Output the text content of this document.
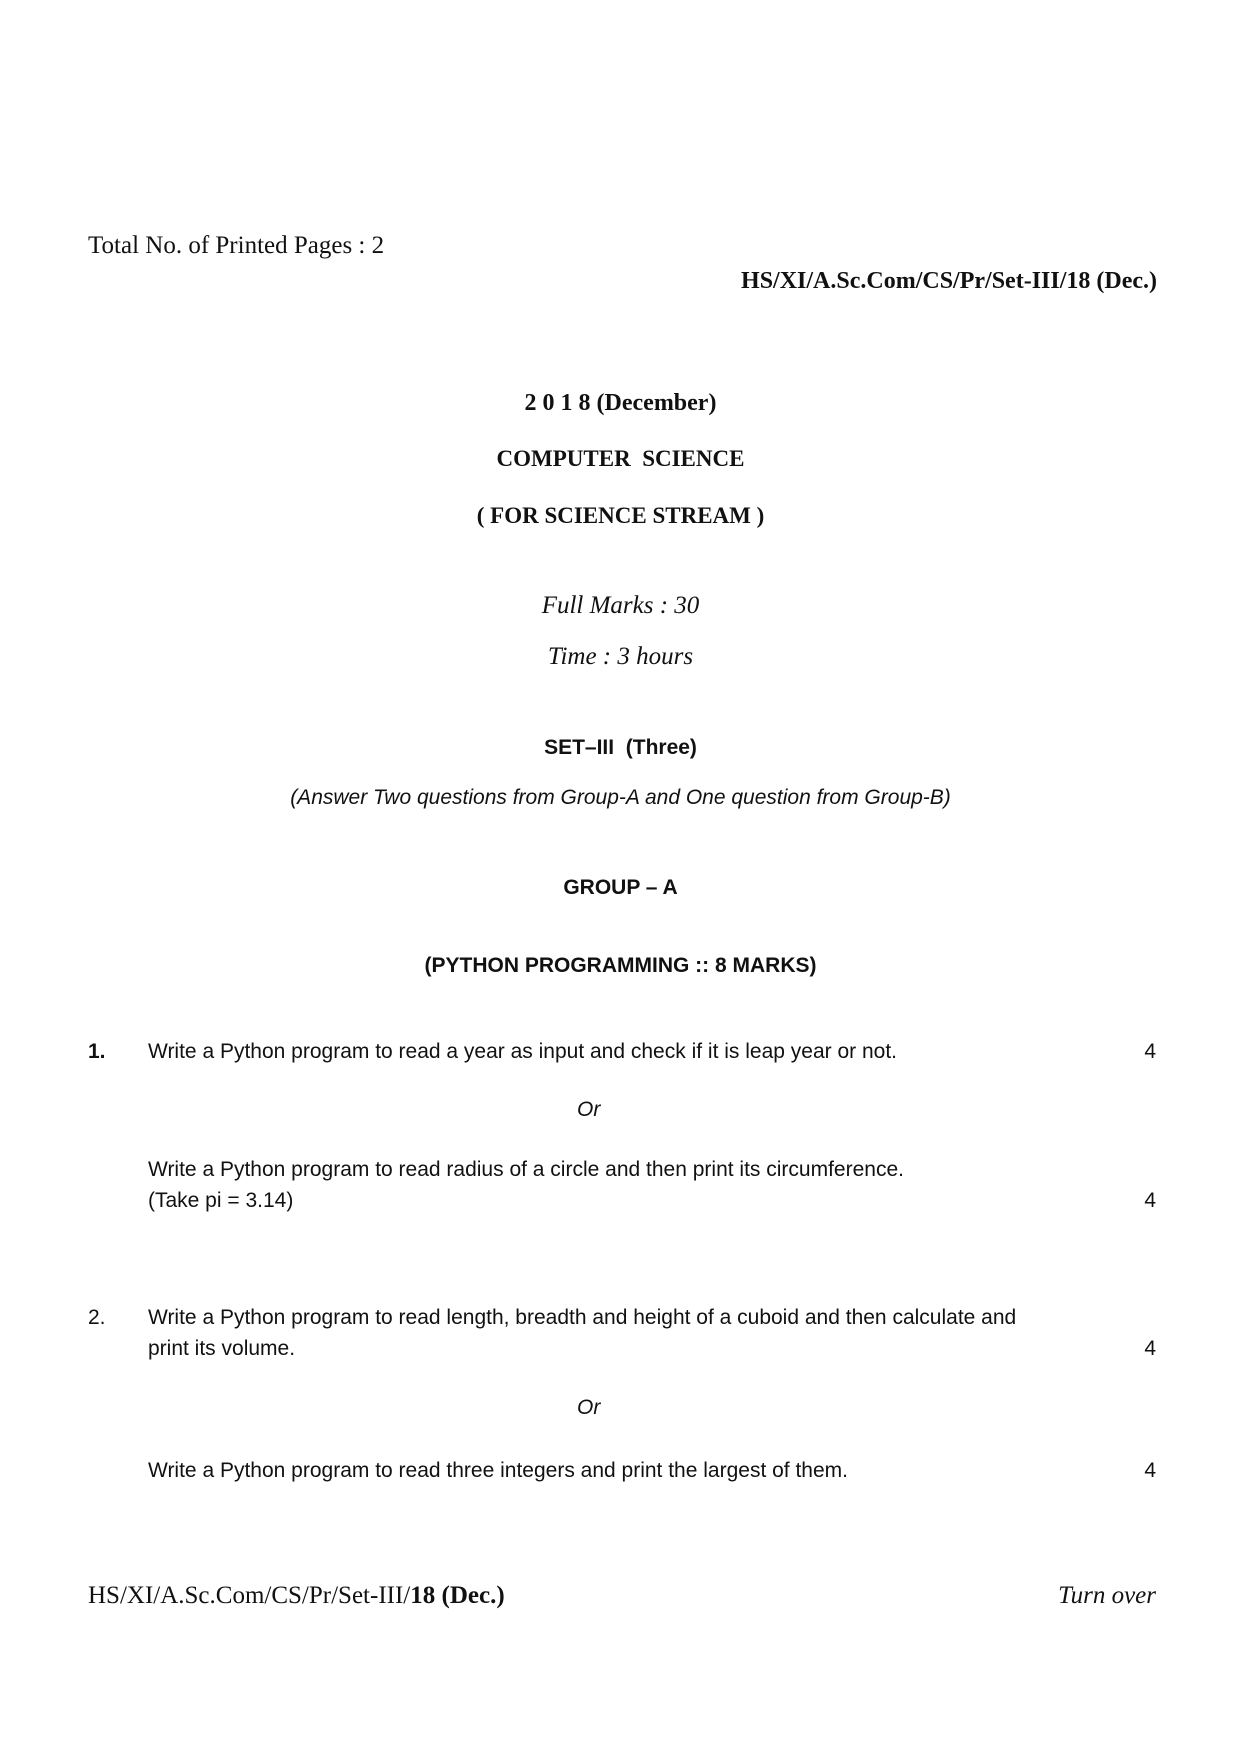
Total No. of Printed Pages : 2
HS/XI/A.Sc.Com/CS/Pr/Set-III/18 (Dec.)
2 0 1 8 (December)
COMPUTER  SCIENCE
( FOR SCIENCE STREAM )
Full Marks : 30
Time : 3 hours
SET–III  (Three)
(Answer Two questions from Group-A and One question from Group-B)
GROUP – A
(PYTHON PROGRAMMING :: 8 MARKS)
1. Write a Python program to read a year as input and check if it is leap year or not.	4
Or
Write a Python program to read radius of a circle and then print its circumference.
(Take pi = 3.14)	4
2. Write a Python program to read length, breadth and height of a cuboid and then calculate and
print its volume.	4
Or
Write a Python program to read three integers and print the largest of them.	4
HS/XI/A.Sc.Com/CS/Pr/Set-III/18 (Dec.)	Turn over
